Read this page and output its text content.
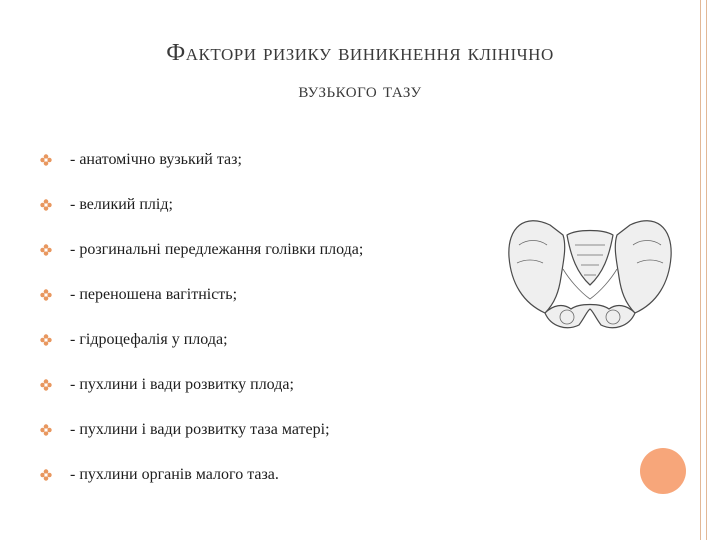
Фактори ризику виникнення клінічно
вузького тазу
- анатомічно вузький таз;
- великий плід;
- розгинальні передлежання голівки плода;
- переношена вагітність;
- гідроцефалія у плода;
- пухлини і вади розвитку плода;
- пухлини і вади розвитку таза матері;
- пухлини органів малого таза.
